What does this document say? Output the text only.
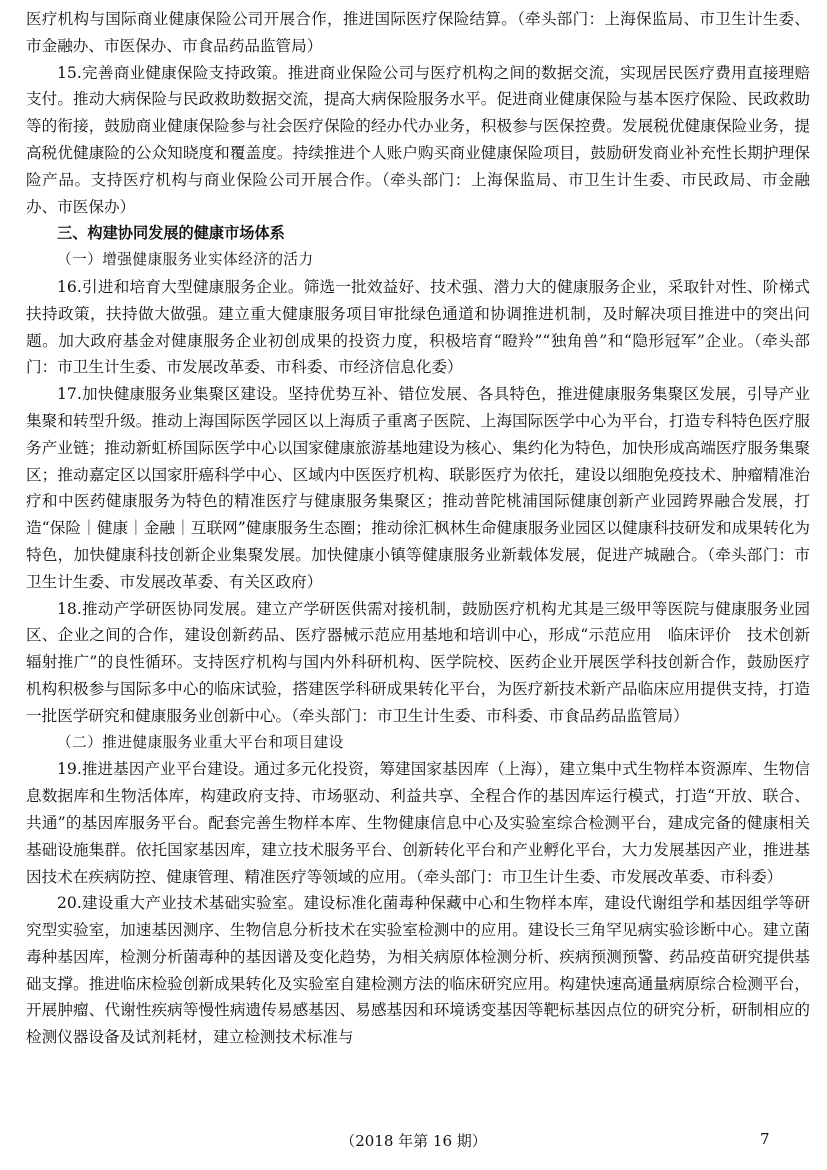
医疗机构与国际商业健康保险公司开展合作，推进国际医疗保险结算。（牵头部门：上海保监局、市卫生计生委、市金融办、市医保办、市食品药品监管局）

15.完善商业健康保险支持政策。推进商业保险公司与医疗机构之间的数据交流，实现居民医疗费用直接理赔支付。推动大病保险与民政救助数据交流，提高大病保险服务水平。促进商业健康保险与基本医疗保险、民政救助等的衔接，鼓励商业健康保险参与社会医疗保险的经办代办业务，积极参与医保控费。发展税优健康保险业务，提高税优健康险的公众知晓度和覆盖度。持续推进个人账户购买商业健康保险项目，鼓励研发商业补充性长期护理保险产品。支持医疗机构与商业保险公司开展合作。（牵头部门：上海保监局、市卫生计生委、市民政局、市金融办、市医保办）

三、构建协同发展的健康市场体系

（一）增强健康服务业实体经济的活力

16.引进和培育大型健康服务企业。筛选一批效益好、技术强、潜力大的健康服务企业，采取针对性、阶梯式扶持政策，扶持做大做强。建立重大健康服务项目审批绿色通道和协调推进机制，及时解决项目推进中的突出问题。加大政府基金对健康服务企业初创成果的投资力度，积极培育“瞪羚”“独角兽”和“隐形冠军”企业。（牵头部门：市卫生计生委、市发展改革委、市科委、市经济信息化委）

17.加快健康服务业集聚区建设。坚持优势互补、错位发展、各具特色，推进健康服务集聚区发展，引导产业集聚和转型升级。推动上海国际医学园区以上海质子重离子医院、上海国际医学中心为平台，打造专科特色医疗服务产业链；推动新虹桥国际医学中心以国家健康旅游基地建设为核心、集约化为特色，加快形成高端医疗服务集聚区；推动嘉定区以国家肝癌科学中心、区域内中医医疗机构、联影医疗为依托，建设以细胞免疫技术、肿瘤精准治疗和中医药健康服务为特色的精准医疗与健康服务集聚区；推动普陀桃浦国际健康创新产业园跨界融合发展，打造“保险｜健康｜金融｜互联网”健康服务生态圈；推动徐汇枫林生命健康服务业园区以健康科技研发和成果转化为特色，加快健康科技创新企业集聚发展。加快健康小镇等健康服务业新载体发展，促进产城融合。（牵头部门：市卫生计生委、市发展改革委、有关区政府）

18.推动产学研医协同发展。建立产学研医供需对接机制，鼓励医疗机构尤其是三级甲等医院与健康服务业园区、企业之间的合作，建设创新药品、医疗器械示范应用基地和培训中心，形成“示范应用　临床评价　技术创新　辐射推广”的良性循环。支持医疗机构与国内外科研机构、医学院校、医药企业开展医学科技创新合作，鼓励医疗机构积极参与国际多中心的临床试验，搭建医学科研成果转化平台，为医疗新技术新产品临床应用提供支持，打造一批医学研究和健康服务业创新中心。（牵头部门：市卫生计生委、市科委、市食品药品监管局）

（二）推进健康服务业重大平台和项目建设

19.推进基因产业平台建设。通过多元化投资，筹建国家基因库（上海），建立集中式生物样本资源库、生物信息数据库和生物活体库，构建政府支持、市场驱动、利益共享、全程合作的基因库运行模式，打造“开放、联合、共通”的基因库服务平台。配套完善生物样本库、生物健康信息中心及实验室综合检测平台，建成完备的健康相关基础设施集群。依托国家基因库，建立技术服务平台、创新转化平台和产业孵化平台，大力发展基因产业，推进基因技术在疾病防控、健康管理、精准医疗等领域的应用。（牵头部门：市卫生计生委、市发展改革委、市科委）

20.建设重大产业技术基础实验室。建设标准化菌毒种保藏中心和生物样本库，建设代谢组学和基因组学等研究型实验室，加速基因测序、生物信息分析技术在实验室检测中的应用。建设长三角罕见病实验诊断中心。建立菌毒种基因库，检测分析菌毒种的基因谱及变化趋势，为相关病原体检测分析、疾病预测预警、药品疫苗研究提供基础支撑。推进临床检验创新成果转化及实验室自建检测方法的临床研究应用。构建快速高通量病原综合检测平台，开展肿瘤、代谢性疾病等慢性病遗传易感基因、易感基因和环境诱变基因等靶标基因点位的研究分析，研制相应的检测仪器设备及试剂耗材，建立检测技术标准与

（2018 年第 16 期）	7
